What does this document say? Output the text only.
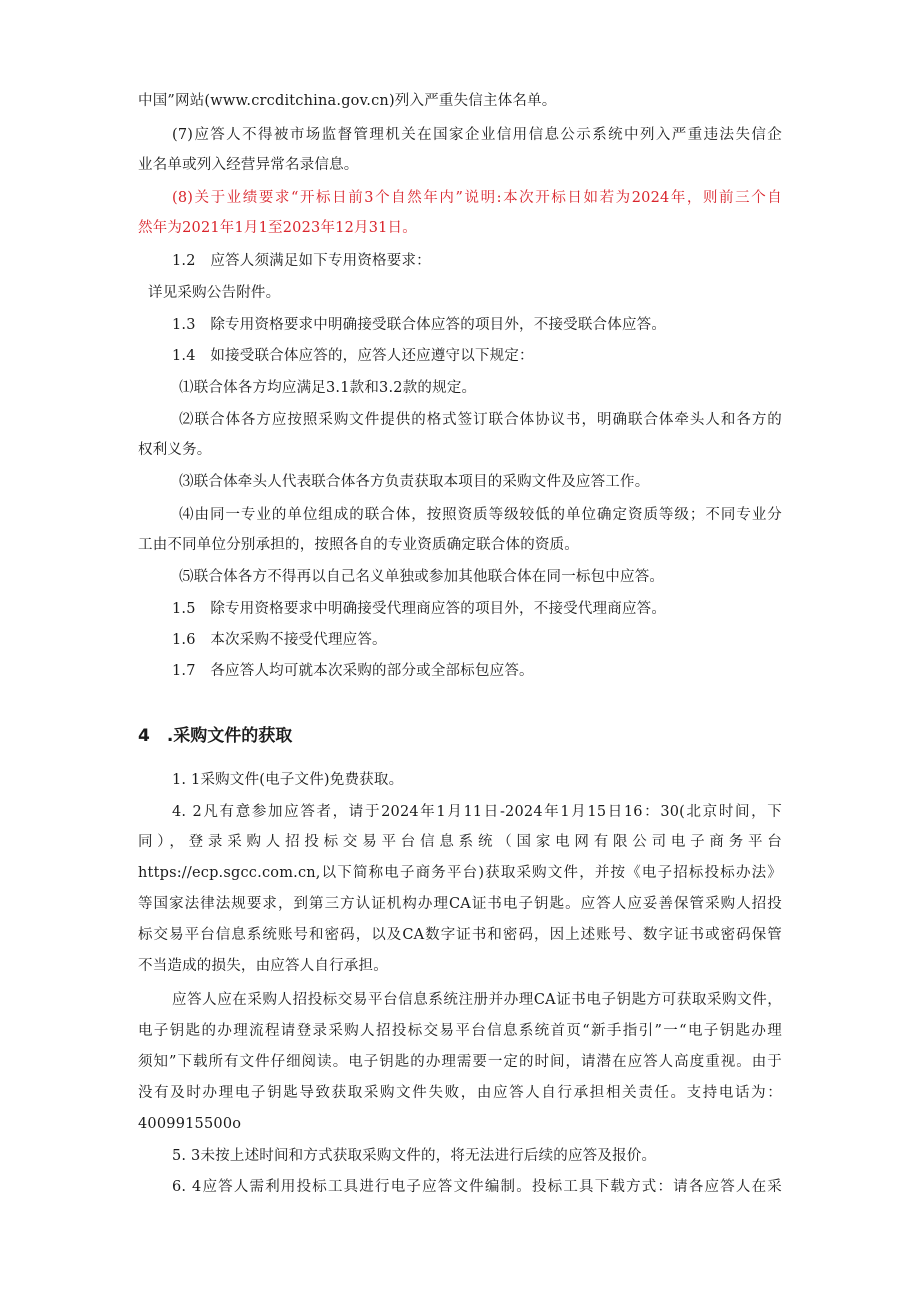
中国”网站(www.crcditchina.gov.cn)列入严重失信主体名单。
(7)应答人不得被市场监督管理机关在国家企业信用信息公示系统中列入严重违法失信企
业名单或列入经营异常名录信息。
(8)关于业绩要求“开标日前3个自然年内”说明:本次开标日如若为2024年，则前三个自
然年为2021年1月1至2023年12月31日。
1.2　应答人须满足如下专用资格要求：
详见采购公告附件。
1.3　除专用资格要求中明确接受联合体应答的项目外，不接受联合体应答。
1.4　如接受联合体应答的，应答人还应遵守以下规定：
⑴联合体各方均应满足3.1款和3.2款的规定。
⑵联合体各方应按照采购文件提供的格式签订联合体协议书，明确联合体牵头人和各方的
权利义务。
⑶联合体牵头人代表联合体各方负责获取本项目的采购文件及应答工作。
⑷由同一专业的单位组成的联合体，按照资质等级较低的单位确定资质等级；不同专业分
工由不同单位分别承担的，按照各自的专业资质确定联合体的资质。
⑸联合体各方不得再以自己名义单独或参加其他联合体在同一标包中应答。
1.5　除专用资格要求中明确接受代理商应答的项目外，不接受代理商应答。
1.6　本次采购不接受代理应答。
1.7　各应答人均可就本次采购的部分或全部标包应答。
4　.采购文件的获取
1. 1采购文件(电子文件)免费获取。
4. 2凡有意参加应答者，请于2024年1月11日-2024年1月15日16：30(北京时间，下
同），登录采购人招投标交易平台信息系统（国家电网有限公司电子商务平台
https://ecp.sgcc.com.cn,以下简称电子商务平台)获取采购文件，并按《电子招标投标办法》
等国家法律法规要求，到第三方认证机构办理CA证书电子钥匙。应答人应妥善保管采购人招投
标交易平台信息系统账号和密码，以及CA数字证书和密码，因上述账号、数字证书或密码保管
不当造成的损失，由应答人自行承担。
应答人应在采购人招投标交易平台信息系统注册并办理CA证书电子钥匙方可获取采购文件，
电子钥匙的办理流程请登录采购人招投标交易平台信息系统首页“新手指引”一“电子钥匙办理
须知”下载所有文件仔细阅读。电子钥匙的办理需要一定的时间，请潜在应答人高度重视。由于
没有及时办理电子钥匙导致获取采购文件失败，由应答人自行承担相关责任。支持电话为：
4009915500o
5. 3未按上述时间和方式获取采购文件的，将无法进行后续的应答及报价。
6. 4应答人需利用投标工具进行电子应答文件编制。投标工具下载方式：请各应答人在采
